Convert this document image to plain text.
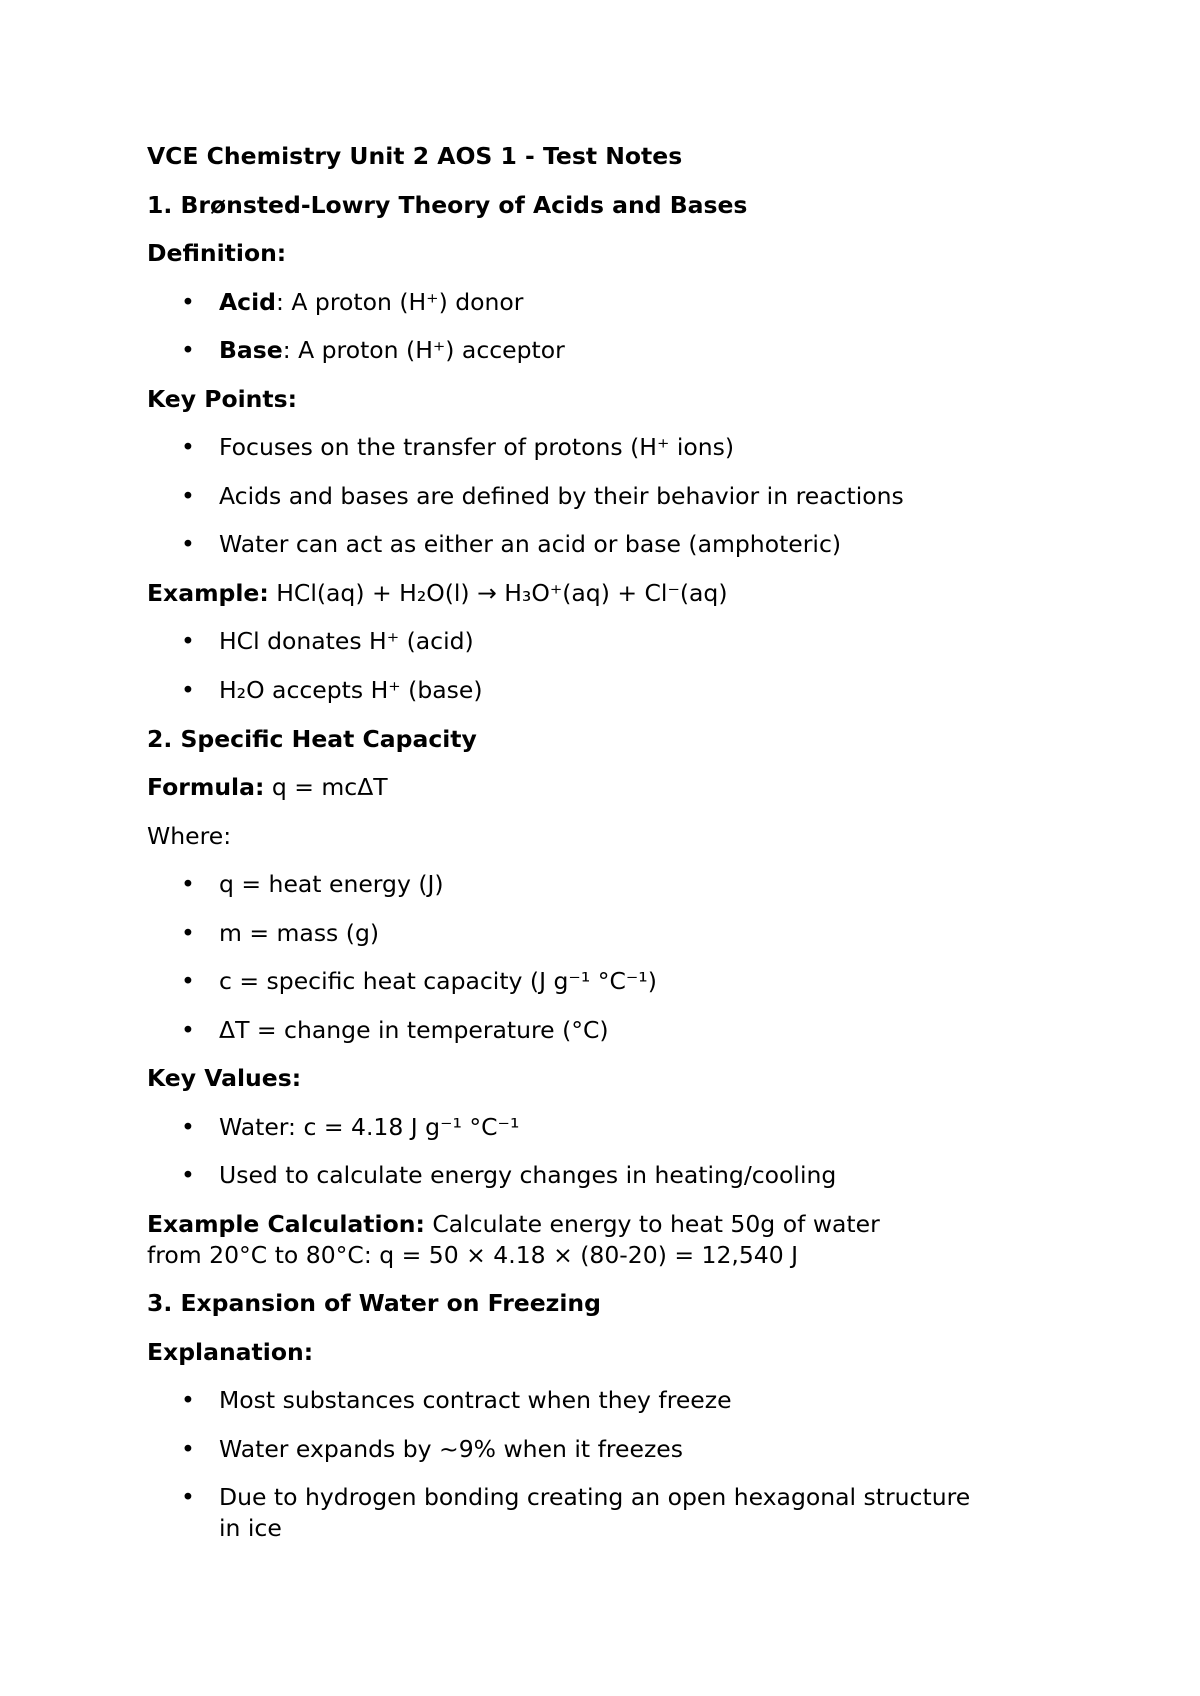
VCE Chemistry Unit 2 AOS 1 - Test Notes
1. Brønsted-Lowry Theory of Acids and Bases
Definition:
• Acid: A proton (H⁺) donor
• Base: A proton (H⁺) acceptor
Key Points:
• Focuses on the transfer of protons (H⁺ ions)
• Acids and bases are defined by their behavior in reactions
• Water can act as either an acid or base (amphoteric)
Example: HCl(aq) + H₂O(l) → H₃O⁺(aq) + Cl⁻(aq)
• HCl donates H⁺ (acid)
• H₂O accepts H⁺ (base)
2. Specific Heat Capacity
Formula: q = mcΔT
Where:
• q = heat energy (J)
• m = mass (g)
• c = specific heat capacity (J g⁻¹ °C⁻¹)
• ΔT = change in temperature (°C)
Key Values:
• Water: c = 4.18 J g⁻¹ °C⁻¹
• Used to calculate energy changes in heating/cooling
Example Calculation: Calculate energy to heat 50g of water from 20°C to 80°C: q = 50 × 4.18 × (80-20) = 12,540 J
3. Expansion of Water on Freezing
Explanation:
• Most substances contract when they freeze
• Water expands by ~9% when it freezes
• Due to hydrogen bonding creating an open hexagonal structure in ice
